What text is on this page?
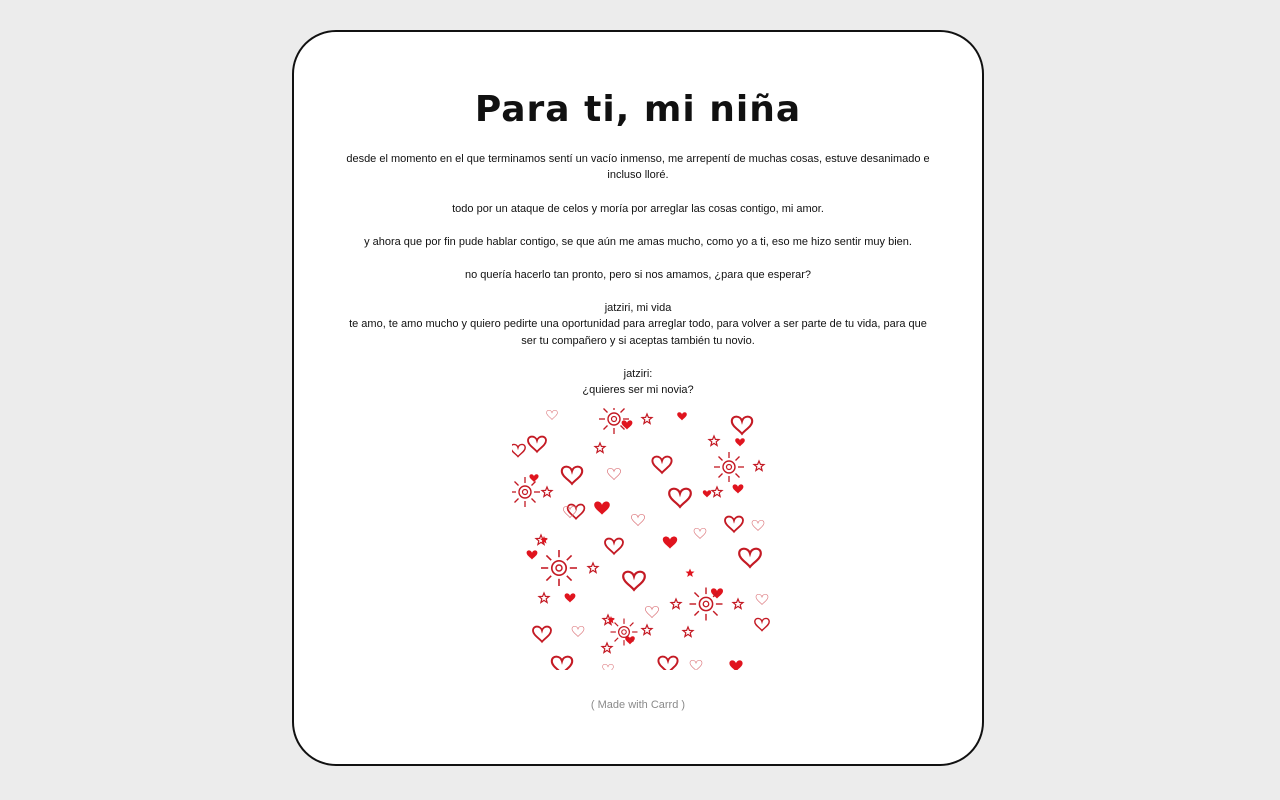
Para ti, mi niña

desde el momento en el que terminamos sentí un vacío inmenso, me arrepentí de muchas cosas, estuve desanimado e incluso lloré.

todo por un ataque de celos y moría por arreglar las cosas contigo, mi amor.

y ahora que por fin pude hablar contigo, se que aún me amas mucho, como yo a ti, eso me hizo sentir muy bien.

no quería hacerlo tan pronto, pero si nos amamos, ¿para que esperar?

jatziri, mi vida
te amo, te amo mucho y quiero pedirte una oportunidad para arreglar todo, para volver a ser parte de tu vida, para que ser tu compañero y si aceptas también tu novio.

jatziri:
¿quieres ser mi novia?

( Made with Carrd )
